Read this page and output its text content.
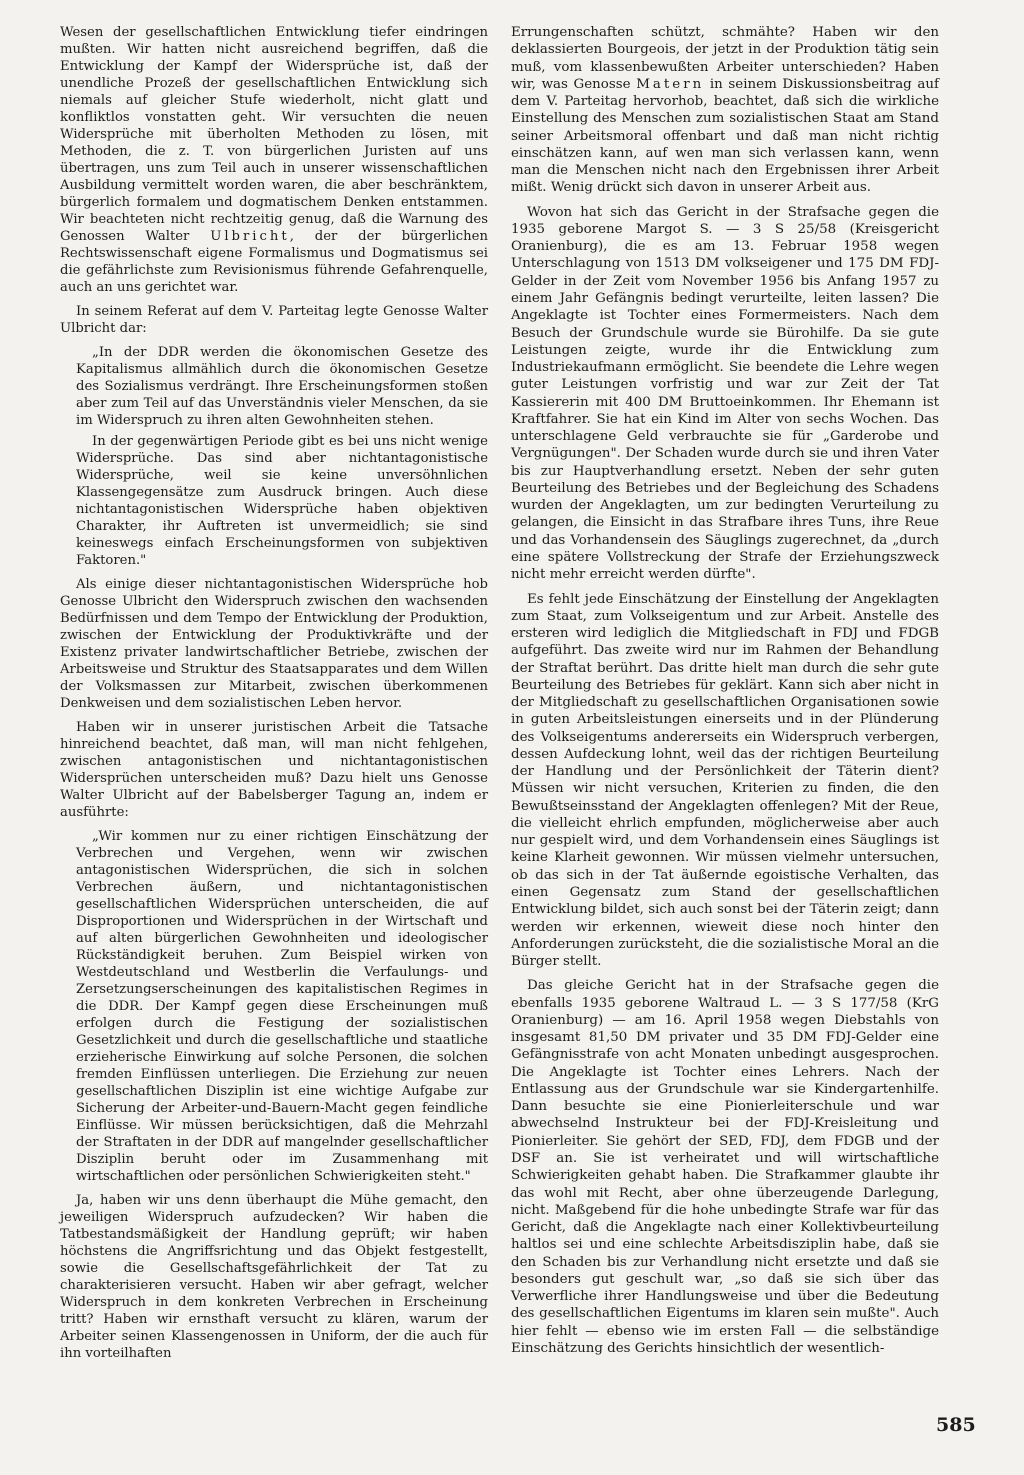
Wesen der gesellschaftlichen Entwicklung tiefer eindringen mußten. Wir hatten nicht ausreichend begriffen, daß die Entwicklung der Kampf der Widersprüche ist, daß der unendliche Prozeß der gesellschaftlichen Entwicklung sich niemals auf gleicher Stufe wiederholt, nicht glatt und konfliktlos vonstatten geht. Wir versuchten die neuen Widersprüche mit überholten Methoden zu lösen, mit Methoden, die z. T. von bürgerlichen Juristen auf uns übertragen, uns zum Teil auch in unserer wissenschaftlichen Ausbildung vermittelt worden waren, die aber beschränktem, bürgerlich formalem und dogmatischem Denken entstammen. Wir beachteten nicht rechtzeitig genug, daß die Warnung des Genossen Walter Ulbricht, der der bürgerlichen Rechtswissenschaft eigene Formalismus und Dogmatismus sei die gefährlichste zum Revisionismus führende Gefahrenquelle, auch an uns gerichtet war.

In seinem Referat auf dem V. Parteitag legte Genosse Walter Ulbricht dar:

„In der DDR werden die ökonomischen Gesetze des Kapitalismus allmählich durch die ökonomischen Gesetze des Sozialismus verdrängt. Ihre Erscheinungsformen stoßen aber zum Teil auf das Unverständnis vieler Menschen, da sie im Widerspruch zu ihren alten Gewohnheiten stehen.

In der gegenwärtigen Periode gibt es bei uns nicht wenige Widersprüche. Das sind aber nichtantagonistische Widersprüche, weil sie keine unversöhnlichen Klassengegensätze zum Ausdruck bringen. Auch diese nichtantagonistischen Widersprüche haben objektiven Charakter, ihr Auftreten ist unvermeidlich; sie sind keineswegs einfach Erscheinungsformen von subjektiven Faktoren."

Als einige dieser nichtantagonistischen Widersprüche hob Genosse Ulbricht den Widerspruch zwischen den wachsenden Bedürfnissen und dem Tempo der Entwicklung der Produktion, zwischen der Entwicklung der Produktivkräfte und der Existenz privater landwirtschaftlicher Betriebe, zwischen der Arbeitsweise und Struktur des Staatsapparates und dem Willen der Volksmassen zur Mitarbeit, zwischen überkommenen Denkweisen und dem sozialistischen Leben hervor.

Haben wir in unserer juristischen Arbeit die Tatsache hinreichend beachtet, daß man, will man nicht fehlgehen, zwischen antagonistischen und nichtantagonistischen Widersprüchen unterscheiden muß? Dazu hielt uns Genosse Walter Ulbricht auf der Babelsberger Tagung an, indem er ausführte:

„Wir kommen nur zu einer richtigen Einschätzung der Verbrechen und Vergehen, wenn wir zwischen antagonistischen Widersprüchen, die sich in solchen Verbrechen äußern, und nichtantagonistischen gesellschaftlichen Widersprüchen unterscheiden, die auf Disproportionen und Widersprüchen in der Wirtschaft und auf alten bürgerlichen Gewohnheiten und ideologischer Rückständigkeit beruhen. Zum Beispiel wirken von Westdeutschland und Westberlin die Verfaulungs- und Zersetzungserscheinungen des kapitalistischen Regimes in die DDR. Der Kampf gegen diese Erscheinungen muß erfolgen durch die Festigung der sozialistischen Gesetzlichkeit und durch die gesellschaftliche und staatliche erzieherische Einwirkung auf solche Personen, die solchen fremden Einflüssen unterliegen. Die Erziehung zur neuen gesellschaftlichen Disziplin ist eine wichtige Aufgabe zur Sicherung der Arbeiter-und-Bauern-Macht gegen feindliche Einflüsse. Wir müssen berücksichtigen, daß die Mehrzahl der Straftaten in der DDR auf mangelnder gesellschaftlicher Disziplin beruht oder im Zusammenhang mit wirtschaftlichen oder persönlichen Schwierigkeiten steht."

Ja, haben wir uns denn überhaupt die Mühe gemacht, den jeweiligen Widerspruch aufzudecken? Wir haben die Tatbestandsmäßigkeit der Handlung geprüft; wir haben höchstens die Angriffsrichtung und das Objekt festgestellt, sowie die Gesellschaftsgefährlichkeit der Tat zu charakterisieren versucht. Haben wir aber gefragt, welcher Widerspruch in dem konkreten Verbrechen in Erscheinung tritt? Haben wir ernsthaft versucht zu klären, warum der Arbeiter seinen Klassengenossen in Uniform, der die auch für ihn vorteilhaften

Errungenschaften schützt, schmähte? Haben wir den deklassierten Bourgeois, der jetzt in der Produktion tätig sein muß, vom klassenbewußten Arbeiter unterschieden? Haben wir, was Genosse Matern in seinem Diskussionsbeitrag auf dem V. Parteitag hervorhob, beachtet, daß sich die wirkliche Einstellung des Menschen zum sozialistischen Staat am Stand seiner Arbeitsmoral offenbart und daß man nicht richtig einschätzen kann, auf wen man sich verlassen kann, wenn man die Menschen nicht nach den Ergebnissen ihrer Arbeit mißt. Wenig drückt sich davon in unserer Arbeit aus.

Wovon hat sich das Gericht in der Strafsache gegen die 1935 geborene Margot S. — 3 S 25/58 (Kreisgericht Oranienburg), die es am 13. Februar 1958 wegen Unterschlagung von 1513 DM volkseigener und 175 DM FDJ-Gelder in der Zeit vom November 1956 bis Anfang 1957 zu einem Jahr Gefängnis bedingt verurteilte, leiten lassen? Die Angeklagte ist Tochter eines Formermeisters. Nach dem Besuch der Grundschule wurde sie Bürohilfe. Da sie gute Leistungen zeigte, wurde ihr die Entwicklung zum Industriekaufmann ermöglicht. Sie beendete die Lehre wegen guter Leistungen vorfristig und war zur Zeit der Tat Kassiererin mit 400 DM Bruttoeinkommen. Ihr Ehemann ist Kraftfahrer. Sie hat ein Kind im Alter von sechs Wochen. Das unterschlagene Geld verbrauchte sie für „Garderobe und Vergnügungen". Der Schaden wurde durch sie und ihren Vater bis zur Hauptverhandlung ersetzt. Neben der sehr guten Beurteilung des Betriebes und der Begleichung des Schadens wurden der Angeklagten, um zur bedingten Verurteilung zu gelangen, die Einsicht in das Strafbare ihres Tuns, ihre Reue und das Vorhandensein des Säuglings zugerechnet, da „durch eine spätere Vollstreckung der Strafe der Erziehungszweck nicht mehr erreicht werden dürfte".

Es fehlt jede Einschätzung der Einstellung der Angeklagten zum Staat, zum Volkseigentum und zur Arbeit. Anstelle des ersteren wird lediglich die Mitgliedschaft in FDJ und FDGB aufgeführt. Das zweite wird nur im Rahmen der Behandlung der Straftat berührt. Das dritte hielt man durch die sehr gute Beurteilung des Betriebes für geklärt. Kann sich aber nicht in der Mitgliedschaft zu gesellschaftlichen Organisationen sowie in guten Arbeitsleistungen einerseits und in der Plünderung des Volkseigentums andererseits ein Widerspruch verbergen, dessen Aufdeckung lohnt, weil das der richtigen Beurteilung der Handlung und der Persönlichkeit der Täterin dient? Müssen wir nicht versuchen, Kriterien zu finden, die den Bewußtseinsstand der Angeklagten offenlegen? Mit der Reue, die vielleicht ehrlich empfunden, möglicherweise aber auch nur gespielt wird, und dem Vorhandensein eines Säuglings ist keine Klarheit gewonnen. Wir müssen vielmehr untersuchen, ob das sich in der Tat äußernde egoistische Verhalten, das einen Gegensatz zum Stand der gesellschaftlichen Entwicklung bildet, sich auch sonst bei der Täterin zeigt; dann werden wir erkennen, wieweit diese noch hinter den Anforderungen zurücksteht, die die sozialistische Moral an die Bürger stellt.

Das gleiche Gericht hat in der Strafsache gegen die ebenfalls 1935 geborene Waltraud L. — 3 S 177/58 (KrG Oranienburg) — am 16. April 1958 wegen Diebstahls von insgesamt 81,50 DM privater und 35 DM FDJ-Gelder eine Gefängnisstrafe von acht Monaten unbedingt ausgesprochen. Die Angeklagte ist Tochter eines Lehrers. Nach der Entlassung aus der Grundschule war sie Kindergartenhilfe. Dann besuchte sie eine Pionierleiterschule und war abwechselnd Instrukteur bei der FDJ-Kreisleitung und Pionierleiter. Sie gehört der SED, FDJ, dem FDGB und der DSF an. Sie ist verheiratet und will wirtschaftliche Schwierigkeiten gehabt haben. Die Strafkammer glaubte ihr das wohl mit Recht, aber ohne überzeugende Darlegung, nicht. Maßgebend für die hohe unbedingte Strafe war für das Gericht, daß die Angeklagte nach einer Kollektivbeurteilung haltlos sei und eine schlechte Arbeitsdisziplin habe, daß sie den Schaden bis zur Verhandlung nicht ersetzte und daß sie besonders gut geschult war, „so daß sie sich über das Verwerfliche ihrer Handlungsweise und über die Bedeutung des gesellschaftlichen Eigentums im klaren sein mußte". Auch hier fehlt — ebenso wie im ersten Fall — die selbständige Einschätzung des Gerichts hinsichtlich der wesentlich-

585
